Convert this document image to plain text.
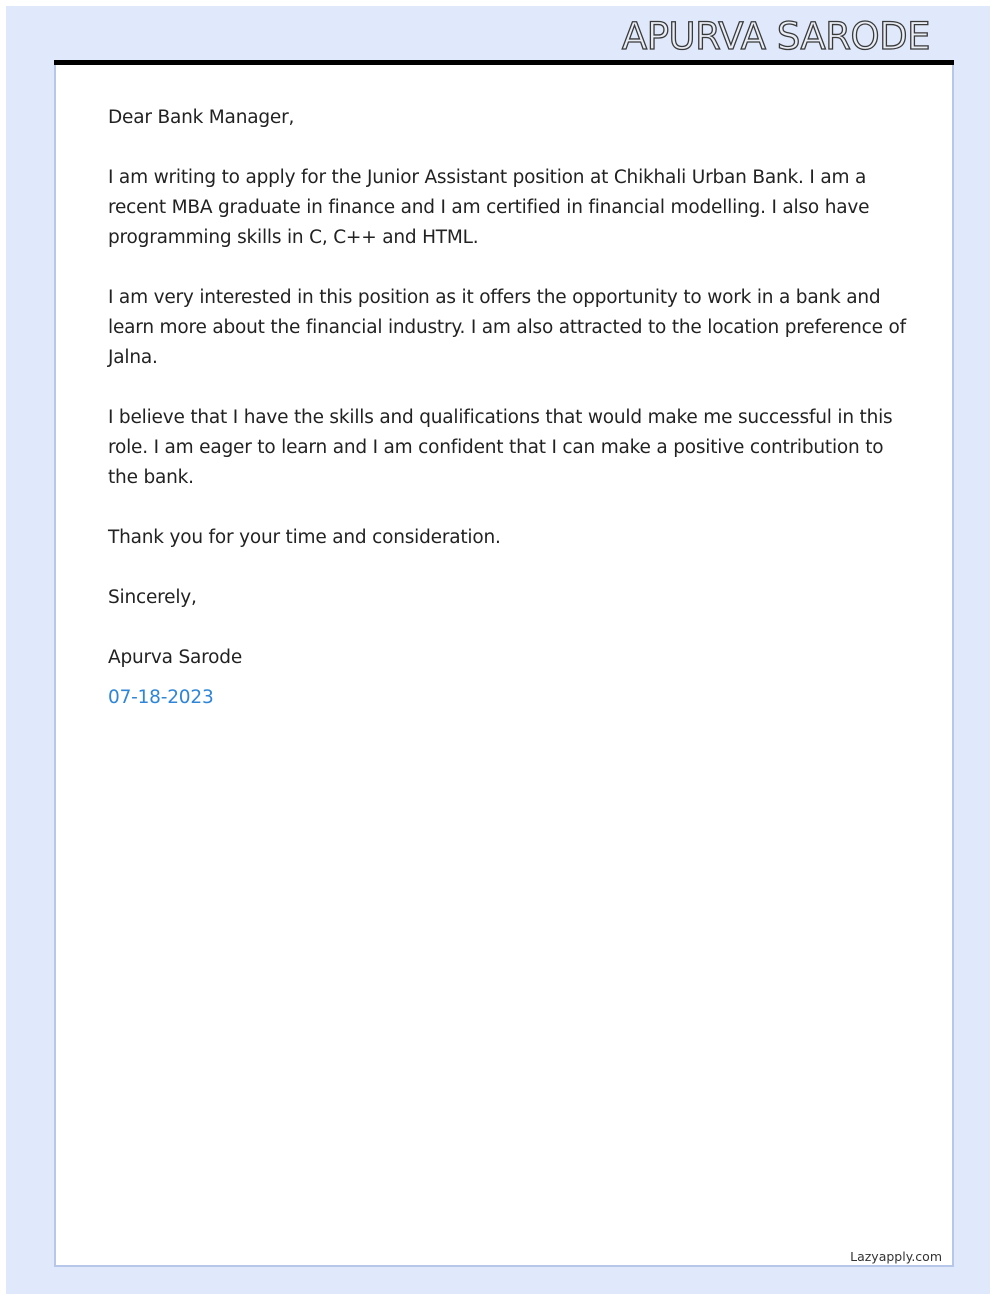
APURVA SARODE

Dear Bank Manager,

I am writing to apply for the Junior Assistant position at Chikhali Urban Bank. I am a recent MBA graduate in finance and I am certified in financial modelling. I also have programming skills in C, C++ and HTML.

I am very interested in this position as it offers the opportunity to work in a bank and learn more about the financial industry. I am also attracted to the location preference of Jalna.

I believe that I have the skills and qualifications that would make me successful in this role. I am eager to learn and I am confident that I can make a positive contribution to the bank.

Thank you for your time and consideration.

Sincerely,

Apurva Sarode

07-18-2023

Lazyapply.com
